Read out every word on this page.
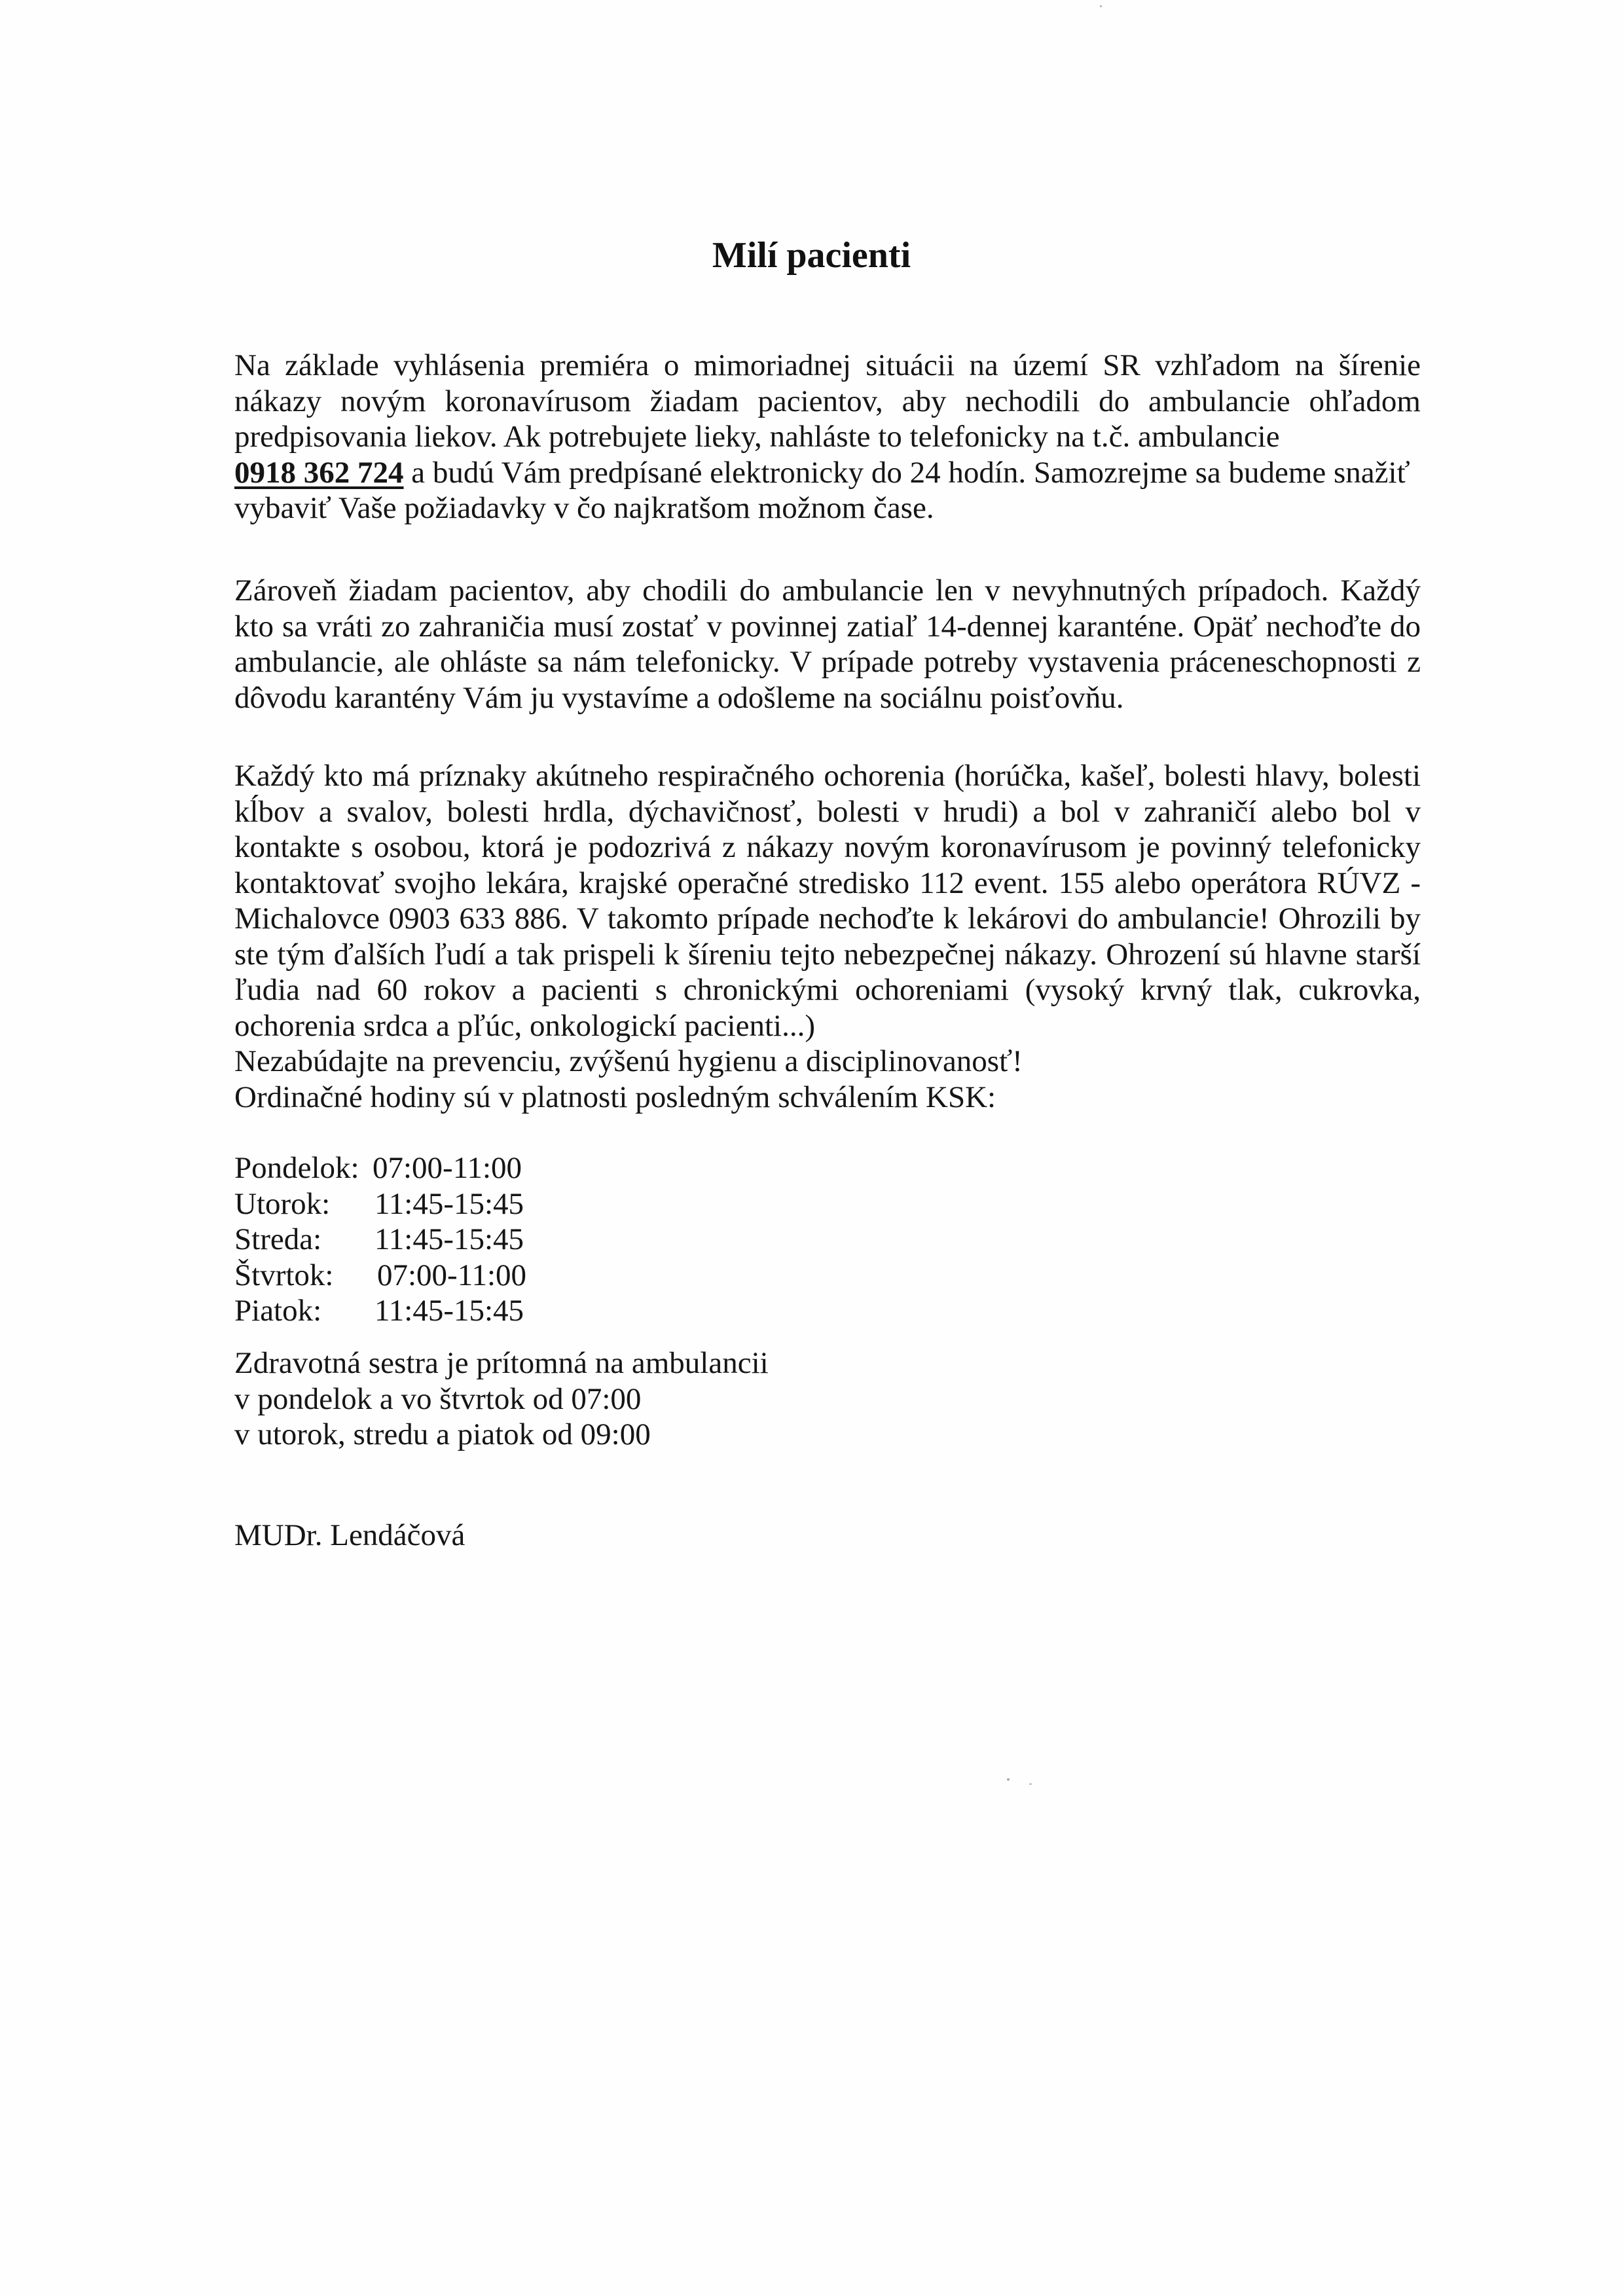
Milí pacienti
Na základe vyhlásenia premiéra o mimoriadnej situácii na území SR vzhľadom na šírenie
nákazy novým koronavírusom žiadam pacientov, aby nechodili do ambulancie ohľadom
predpisovania liekov. Ak potrebujete lieky, nahláste to telefonicky na t.č. ambulancie
0918 362 724 a budú Vám predpísané elektronicky do 24 hodín. Samozrejme sa budeme snažiť
vybaviť Vaše požiadavky v čo najkratšom možnom čase.
Zároveň žiadam pacientov, aby chodili do ambulancie len v nevyhnutných prípadoch. Každý
kto sa vráti zo zahraničia musí zostať v povinnej zatiaľ 14-dennej karanténe. Opäť nechoďte do
ambulancie, ale ohláste sa nám telefonicky. V prípade potreby vystavenia práceneschopnosti z
dôvodu karantény Vám ju vystavíme a odošleme na sociálnu poisťovňu.
Každý kto má príznaky akútneho respiračného ochorenia (horúčka, kašeľ, bolesti hlavy, bolesti
kĺbov a svalov, bolesti hrdla, dýchavičnosť, bolesti v hrudi) a bol v zahraničí alebo bol v
kontakte s osobou, ktorá je podozrivá z nákazy novým koronavírusom je povinný telefonicky
kontaktovať svojho lekára, krajské operačné stredisko 112 event. 155 alebo operátora RÚVZ -
Michalovce 0903 633 886. V takomto prípade nechoďte k lekárovi do ambulancie! Ohrozili by
ste tým ďalších ľudí a tak prispeli k šíreniu tejto nebezpečnej nákazy. Ohrození sú hlavne starší
ľudia nad 60 rokov a pacienti s chronickými ochoreniami (vysoký krvný tlak, cukrovka,
ochorenia srdca a pľúc, onkologickí pacienti...)
Nezabúdajte na prevenciu, zvýšenú hygienu a disciplinovanosť!
Ordinačné hodiny sú v platnosti posledným schválením KSK:
Pondelok: 07:00-11:00
Utorok: 11:45-15:45
Streda: 11:45-15:45
Štvrtok: 07:00-11:00
Piatok: 11:45-15:45
Zdravotná sestra je prítomná na ambulancii
v pondelok a vo štvrtok od 07:00
v utorok, stredu a piatok od 09:00
MUDr. Lendáčová
